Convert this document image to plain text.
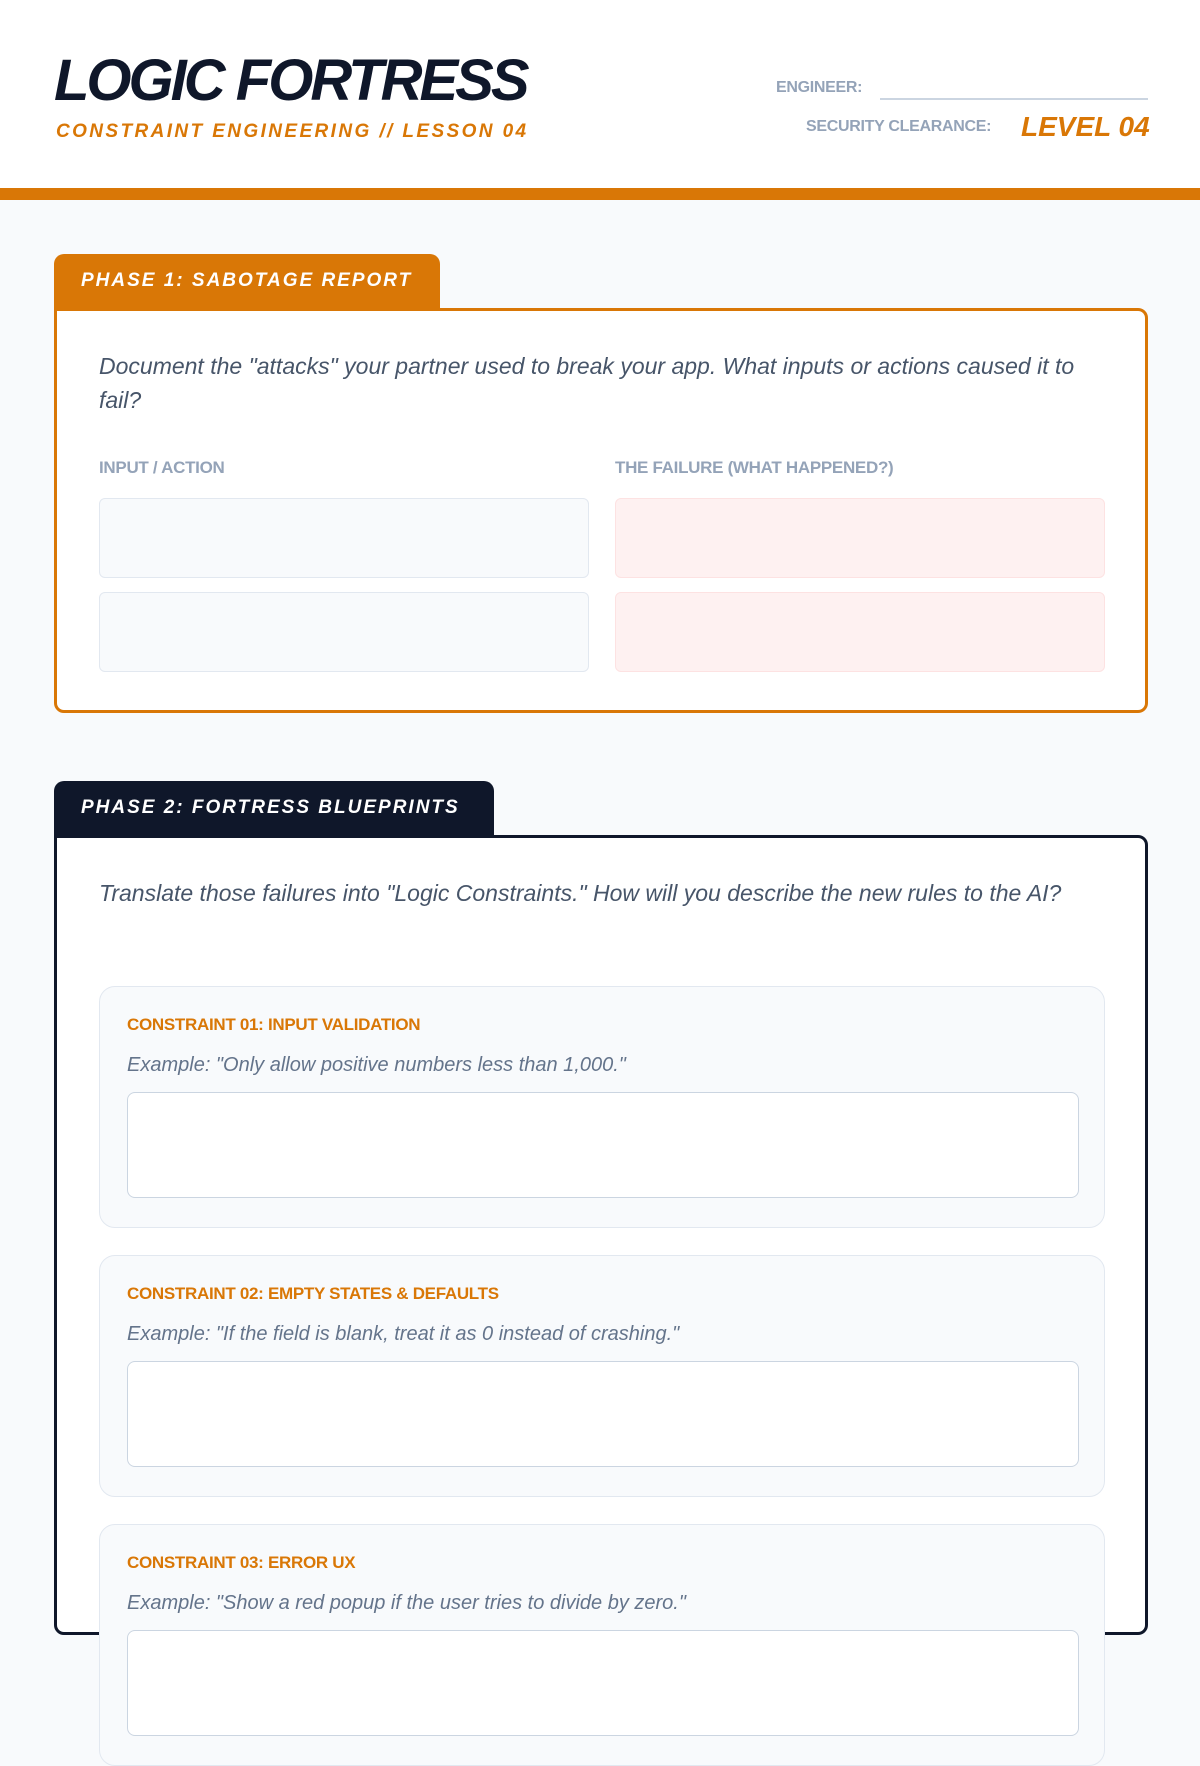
LOGIC FORTRESS
CONSTRAINT ENGINEERING // LESSON 04
ENGINEER:
SECURITY CLEARANCE: LEVEL 04
PHASE 1: SABOTAGE REPORT
Document the "attacks" your partner used to break your app. What inputs or actions caused it to fail?
INPUT / ACTION	THE FAILURE (WHAT HAPPENED?)
PHASE 2: FORTRESS BLUEPRINTS
Translate those failures into "Logic Constraints." How will you describe the new rules to the AI?
CONSTRAINT 01: INPUT VALIDATION
Example: "Only allow positive numbers less than 1,000."
CONSTRAINT 02: EMPTY STATES & DEFAULTS
Example: "If the field is blank, treat it as 0 instead of crashing."
CONSTRAINT 03: ERROR UX
Example: "Show a red popup if the user tries to divide by zero."
